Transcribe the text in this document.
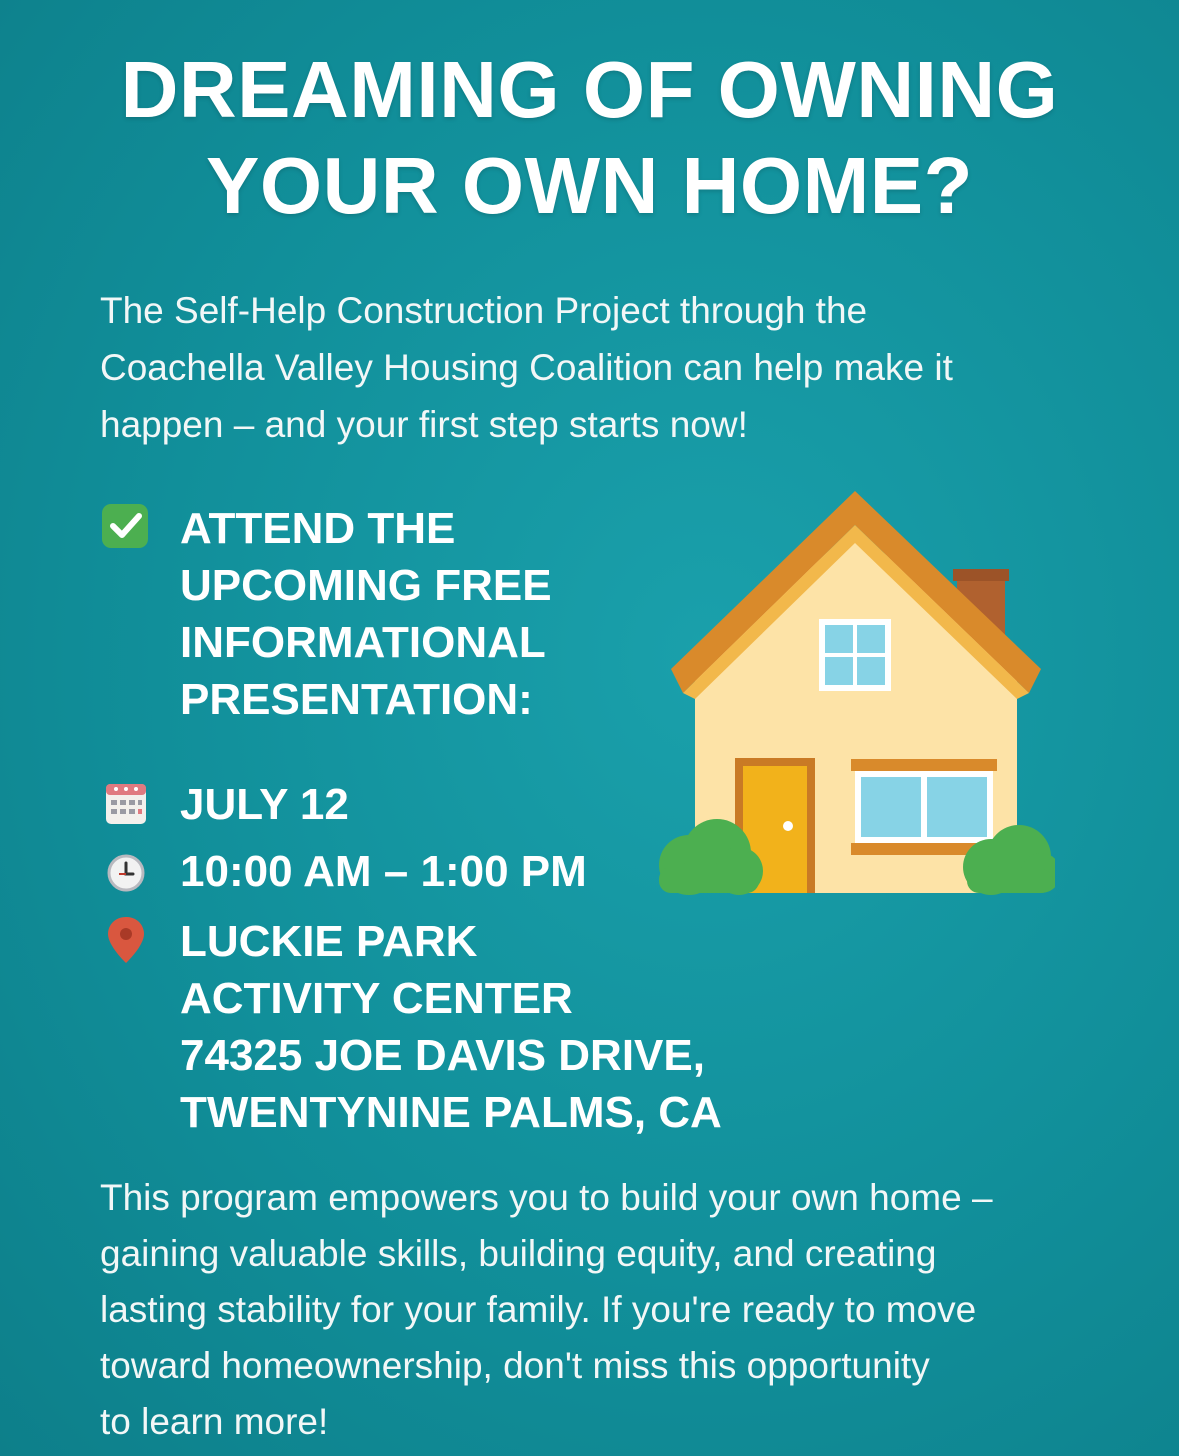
DREAMING OF OWNING
YOUR OWN HOME?
The Self-Help Construction Project through the
Coachella Valley Housing Coalition can help make it
happen – and your first step starts now!
ATTEND THE
UPCOMING FREE
INFORMATIONAL
PRESENTATION:
JULY 12
10:00 AM – 1:00 PM
LUCKIE PARK
ACTIVITY CENTER
74325 JOE DAVIS DRIVE,
TWENTYNINE PALMS, CA
This program empowers you to build your own home –
gaining valuable skills, building equity, and creating
lasting stability for your family. If you're ready to move
toward homeownership, don't miss this opportunity
to learn more!
